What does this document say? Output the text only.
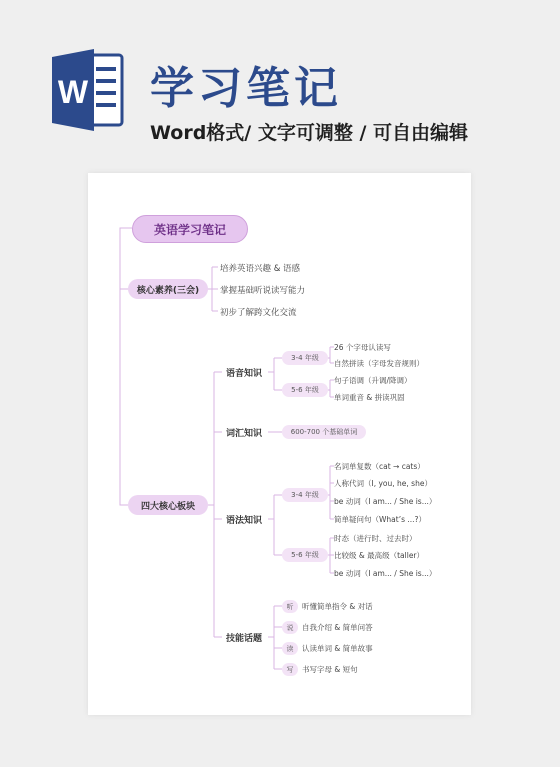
W 学习笔记
Word格式/ 文字可调整 / 可自由编辑
英语学习笔记
核心素养(三会)
培养英语兴趣 & 语感
掌握基础听说读写能力
初步了解跨文化交流
四大核心板块
语音知识
3-4 年级
26 个字母认读写
自然拼读（字母发音规则）
5-6 年级
句子语调（升调/降调）
单词重音 & 拼读巩固
词汇知识	600-700 个基础单词
语法知识
3-4 年级
名词单复数（cat → cats）
人称代词（I, you, he, she）
be 动词（I am... / She is...）
简单疑问句（What’s ...?）
5-6 年级
时态（进行时、过去时）
比较级 & 最高级（taller）
be 动词（I am... / She is...）
技能话题
听	听懂简单指令 & 对话
说	自我介绍 & 简单问答
读	认读单词 & 简单故事
写	书写字母 & 短句
